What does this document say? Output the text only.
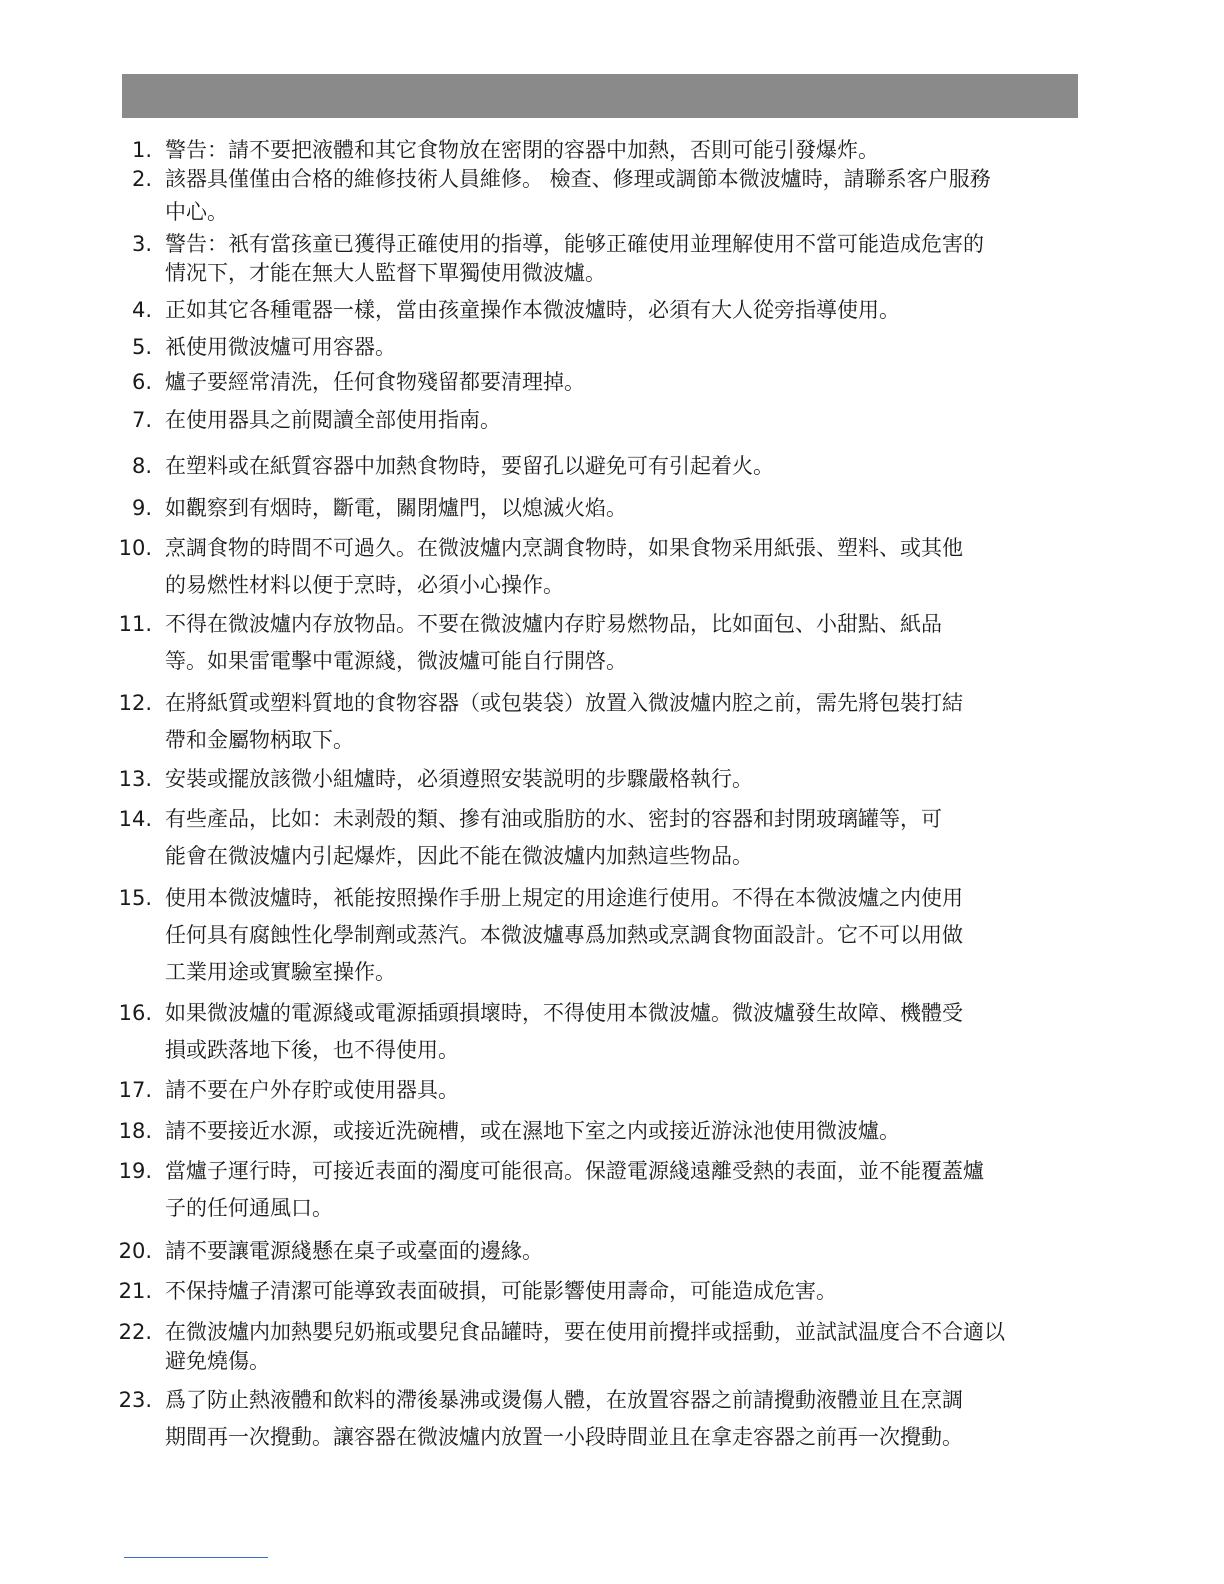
1. 警告：請不要把液體和其它食物放在密閉的容器中加熱，否則可能引發爆炸。
2. 該器具僅僅由合格的維修技術人員維修。 檢查、修理或調節本微波爐時，請聯系客户服務
中心。
3. 警告：衹有當孩童已獲得正確使用的指導，能够正確使用並理解使用不當可能造成危害的
情况下，才能在無大人監督下單獨使用微波爐。
4. 正如其它各種電器一樣，當由孩童操作本微波爐時，必須有大人從旁指導使用。
5. 衹使用微波爐可用容器。
6. 爐子要經常清洗，任何食物殘留都要清理掉。
7. 在使用器具之前閱讀全部使用指南。
8. 在塑料或在紙質容器中加熱食物時，要留孔以避免可有引起着火。
9. 如觀察到有烟時，斷電，關閉爐門，以熄滅火焰。
10. 烹調食物的時間不可過久。在微波爐内烹調食物時，如果食物采用紙張、塑料、或其他
的易燃性材料以便于烹時，必須小心操作。
11. 不得在微波爐内存放物品。不要在微波爐内存貯易燃物品，比如面包、小甜點、紙品
等。如果雷電擊中電源綫，微波爐可能自行開啓。
12. 在將紙質或塑料質地的食物容器（或包裝袋）放置入微波爐内腔之前，需先將包裝打結
帶和金屬物柄取下。
13. 安裝或擺放該微小組爐時，必須遵照安裝説明的步驟嚴格執行。
14. 有些產品，比如：未剥殻的類、摻有油或脂肪的水、密封的容器和封閉玻璃罐等，可
能會在微波爐内引起爆炸，因此不能在微波爐内加熱這些物品。
15. 使用本微波爐時，衹能按照操作手册上規定的用途進行使用。不得在本微波爐之内使用
任何具有腐蝕性化學制劑或蒸汽。本微波爐專爲加熱或烹調食物面設計。它不可以用做
工業用途或實驗室操作。
16. 如果微波爐的電源綫或電源插頭損壞時，不得使用本微波爐。微波爐發生故障、機體受
損或跌落地下後，也不得使用。
17. 請不要在户外存貯或使用器具。
18. 請不要接近水源，或接近洗碗槽，或在濕地下室之内或接近游泳池使用微波爐。
19. 當爐子運行時，可接近表面的濁度可能很高。保證電源綫遠離受熱的表面，並不能覆蓋爐
子的任何通風口。
20. 請不要讓電源綫懸在桌子或臺面的邊緣。
21. 不保持爐子清潔可能導致表面破損，可能影響使用壽命，可能造成危害。
22. 在微波爐内加熱嬰兒奶瓶或嬰兒食品罐時，要在使用前攪拌或揺動，並試試温度合不合適以
避免燒傷。
23. 爲了防止熱液體和飲料的滯後暴沸或燙傷人體，在放置容器之前請攪動液體並且在烹調
期間再一次攪動。讓容器在微波爐内放置一小段時間並且在拿走容器之前再一次攪動。
